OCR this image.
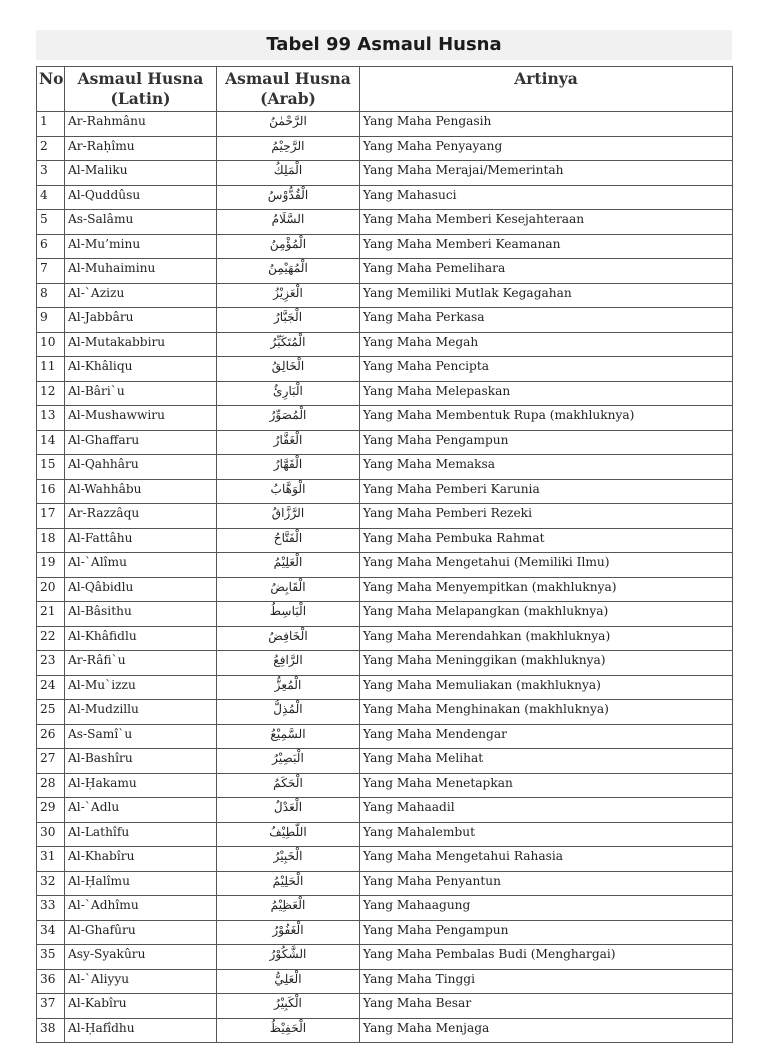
Tabel 99 Asmaul Husna
No	Asmaul Husna (Latin)	Asmaul Husna (Arab)	Artinya
1	Ar-Rahmânu	الرَّحْمٰنُ	Yang Maha Pengasih
2	Ar-Raḥîmu	الرَّحِيْمُ	Yang Maha Penyayang
3	Al-Maliku	الْمَلِكُ	Yang Maha Merajai/Memerintah
4	Al-Quddûsu	الْقُدُّوْسُ	Yang Mahasuci
5	As-Salâmu	السَّلَامُ	Yang Maha Memberi Kesejahteraan
6	Al-Mu’minu	الْمُؤْمِنُ	Yang Maha Memberi Keamanan
7	Al-Muhaiminu	الْمُهَيْمِنُ	Yang Maha Pemelihara
8	Al-`Azizu	الْعَزِيْزُ	Yang Memiliki Mutlak Kegagahan
9	Al-Jabbâru	الْجَبَّارُ	Yang Maha Perkasa
10	Al-Mutakabbiru	الْمُتَكَبِّرُ	Yang Maha Megah
11	Al-Khâliqu	الْخَالِقُ	Yang Maha Pencipta
12	Al-Bâri`u	الْبَارِئُ	Yang Maha Melepaskan
13	Al-Mushawwiru	الْمُصَوِّرُ	Yang Maha Membentuk Rupa (makhluknya)
14	Al-Ghaffaru	الْغَفَّارُ	Yang Maha Pengampun
15	Al-Qahhâru	الْقَهَّارُ	Yang Maha Memaksa
16	Al-Wahhâbu	الْوَهَّابُ	Yang Maha Pemberi Karunia
17	Ar-Razzâqu	الرَّزَّاقُ	Yang Maha Pemberi Rezeki
18	Al-Fattâhu	الْفَتَّاحُ	Yang Maha Pembuka Rahmat
19	Al-`Alîmu	الْعَلِيْمُ	Yang Maha Mengetahui (Memiliki Ilmu)
20	Al-Qâbidlu	الْقَابِضُ	Yang Maha Menyempitkan (makhluknya)
21	Al-Bâsithu	الْبَاسِطُ	Yang Maha Melapangkan (makhluknya)
22	Al-Khâfidlu	الْخَافِضُ	Yang Maha Merendahkan (makhluknya)
23	Ar-Râfi`u	الرَّافِعُ	Yang Maha Meninggikan (makhluknya)
24	Al-Mu`izzu	الْمُعِزُّ	Yang Maha Memuliakan (makhluknya)
25	Al-Mudzillu	الْمُذِلُّ	Yang Maha Menghinakan (makhluknya)
26	As-Samî`u	السَّمِيْعُ	Yang Maha Mendengar
27	Al-Bashîru	الْبَصِيْرُ	Yang Maha Melihat
28	Al-Ḥakamu	الْحَكَمُ	Yang Maha Menetapkan
29	Al-`Adlu	الْعَدْلُ	Yang Mahaadil
30	Al-Lathîfu	اللَّطِيْفُ	Yang Mahalembut
31	Al-Khabîru	الْخَبِيْرُ	Yang Maha Mengetahui Rahasia
32	Al-Ḥalîmu	الْحَلِيْمُ	Yang Maha Penyantun
33	Al-`Adhîmu	الْعَظِيْمُ	Yang Mahaagung
34	Al-Ghafûru	الْغَفُوْرُ	Yang Maha Pengampun
35	Asy-Syakûru	الشَّكُوْرُ	Yang Maha Pembalas Budi (Menghargai)
36	Al-`Aliyyu	الْعَلِيُّ	Yang Maha Tinggi
37	Al-Kabîru	الْكَبِيْرُ	Yang Maha Besar
38	Al-Ḥafîdhu	الْحَفِيْظُ	Yang Maha Menjaga
